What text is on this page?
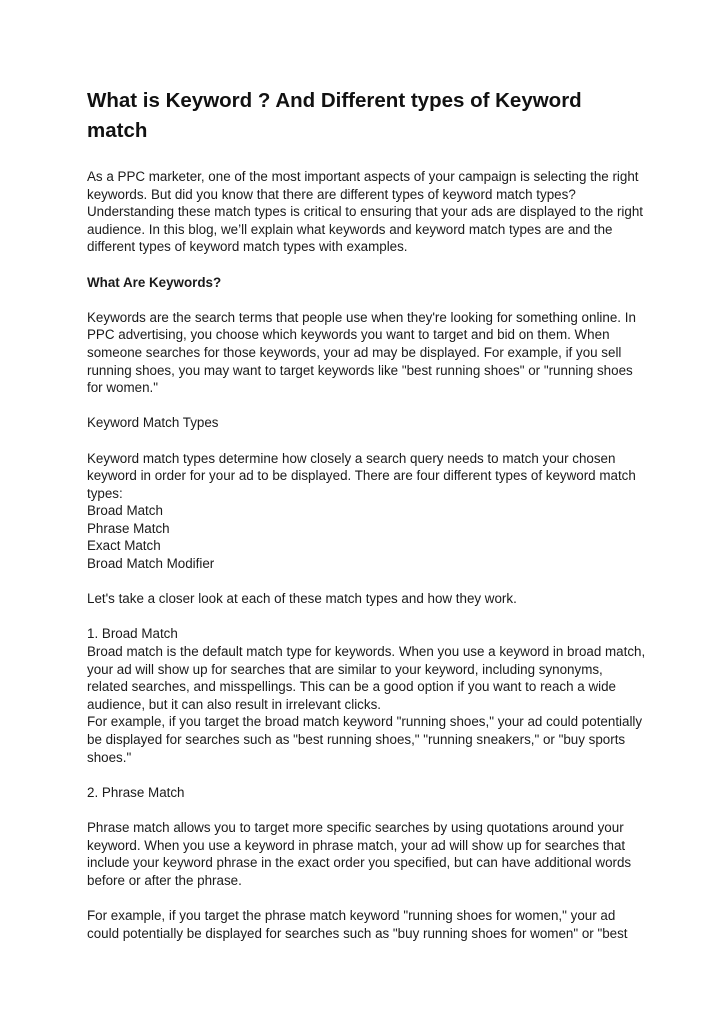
What is Keyword ? And Different types of Keyword match

As a PPC marketer, one of the most important aspects of your campaign is selecting the right keywords. But did you know that there are different types of keyword match types? Understanding these match types is critical to ensuring that your ads are displayed to the right audience. In this blog, we’ll explain what keywords and keyword match types are and the different types of keyword match types with examples.

What Are Keywords?

Keywords are the search terms that people use when they're looking for something online. In PPC advertising, you choose which keywords you want to target and bid on them. When someone searches for those keywords, your ad may be displayed. For example, if you sell running shoes, you may want to target keywords like "best running shoes" or "running shoes for women."

Keyword Match Types

Keyword match types determine how closely a search query needs to match your chosen keyword in order for your ad to be displayed. There are four different types of keyword match types:

Broad Match
Phrase Match
Exact Match
Broad Match Modifier

Let's take a closer look at each of these match types and how they work.

1. Broad Match

Broad match is the default match type for keywords. When you use a keyword in broad match, your ad will show up for searches that are similar to your keyword, including synonyms, related searches, and misspellings. This can be a good option if you want to reach a wide audience, but it can also result in irrelevant clicks.

For example, if you target the broad match keyword "running shoes," your ad could potentially be displayed for searches such as "best running shoes," "running sneakers," or "buy sports shoes."

2. Phrase Match

Phrase match allows you to target more specific searches by using quotations around your keyword. When you use a keyword in phrase match, your ad will show up for searches that include your keyword phrase in the exact order you specified, but can have additional words before or after the phrase.

For example, if you target the phrase match keyword "running shoes for women," your ad could potentially be displayed for searches such as "buy running shoes for women" or "best
